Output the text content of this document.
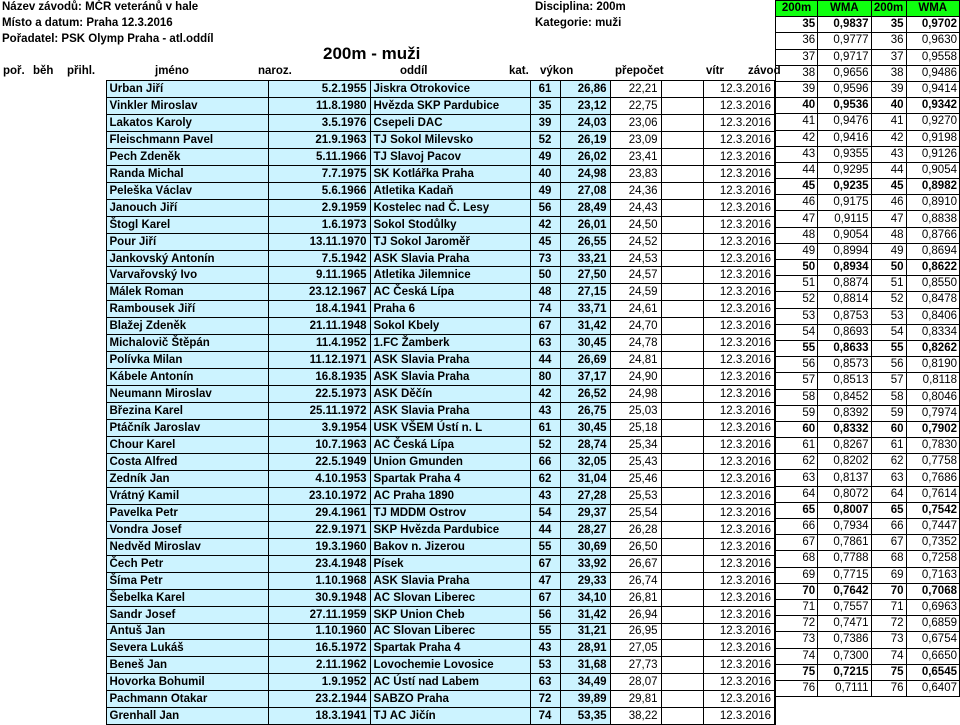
Název závodů: MČR veteránů v hale	Disciplina: 200m
Místo a datum: Praha 12.3.2016	Kategorie: muži
Pořadatel: PSK Olymp Praha - atl.oddíl
200m - muži
poř. běh přihl.	jméno	naroz.	oddíl	kat. výkon	přepočet	vítr závod
	Urban Jiří	5.2.1955	Jiskra Otrokovice	61	26,86	22,21		12.3.2016
	Vinkler Miroslav	11.8.1980	Hvězda SKP Pardubice	35	23,12	22,75		12.3.2016
	Lakatos Karoly	3.5.1976	Csepeli DAC	39	24,03	23,06		12.3.2016
	Fleischmann Pavel	21.9.1963	TJ Sokol Milevsko	52	26,19	23,09		12.3.2016
	Pech Zdeněk	5.11.1966	TJ Slavoj Pacov	49	26,02	23,41		12.3.2016
	Randa Michal	7.7.1975	SK Kotlářka Praha	40	24,98	23,83		12.3.2016
	Peleška Václav	5.6.1966	Atletika Kadaň	49	27,08	24,36		12.3.2016
	Janouch Jiří	2.9.1959	Kostelec nad Č. Lesy	56	28,49	24,43		12.3.2016
	Štogl Karel	1.6.1973	Sokol Stodůlky	42	26,01	24,50		12.3.2016
	Pour Jiří	13.11.1970	TJ Sokol Jaroměř	45	26,55	24,52		12.3.2016
	Jankovský Antonín	7.5.1942	ASK Slavia Praha	73	33,21	24,53		12.3.2016
	Varvařovský Ivo	9.11.1965	Atletika Jilemnice	50	27,50	24,57		12.3.2016
	Málek Roman	23.12.1967	AC Česká Lípa	48	27,15	24,59		12.3.2016
	Rambousek Jiří	18.4.1941	Praha 6	74	33,71	24,61		12.3.2016
	Blažej Zdeněk	21.11.1948	Sokol Kbely	67	31,42	24,70		12.3.2016
	Michalovič Štěpán	11.4.1952	1.FC Žamberk	63	30,45	24,78		12.3.2016
	Polívka Milan	11.12.1971	ASK Slavia Praha	44	26,69	24,81		12.3.2016
	Kábele Antonín	16.8.1935	ASK Slavia Praha	80	37,17	24,90		12.3.2016
	Neumann Miroslav	22.5.1973	ASK Děčín	42	26,52	24,98		12.3.2016
	Březina Karel	25.11.1972	ASK Slavia Praha	43	26,75	25,03		12.3.2016
	Ptáčník Jaroslav	3.9.1954	USK VŠEM Ústí n. L	61	30,45	25,18		12.3.2016
	Chour Karel	10.7.1963	AC Česká Lípa	52	28,74	25,34		12.3.2016
	Costa Alfred	22.5.1949	Union Gmunden	66	32,05	25,43		12.3.2016
	Zedník Jan	4.10.1953	Spartak Praha 4	62	31,04	25,46		12.3.2016
	Vrátný Kamil	23.10.1972	AC Praha 1890	43	27,28	25,53		12.3.2016
	Pavelka Petr	29.4.1961	TJ MDDM Ostrov	54	29,37	25,54		12.3.2016
	Vondra Josef	22.9.1971	SKP Hvězda Pardubice	44	28,27	26,28		12.3.2016
	Nedvěd Miroslav	19.3.1960	Bakov n. Jizerou	55	30,69	26,50		12.3.2016
	Čech Petr	23.4.1948	Písek	67	33,92	26,67		12.3.2016
	Šíma Petr	1.10.1968	ASK Slavia Praha	47	29,33	26,74		12.3.2016
	Šebelka Karel	30.9.1948	AC Slovan Liberec	67	34,10	26,81		12.3.2016
	Sandr Josef	27.11.1959	SKP Union Cheb	56	31,42	26,94		12.3.2016
	Antuš Jan	1.10.1960	AC Slovan Liberec	55	31,21	26,95		12.3.2016
	Severa Lukáš	16.5.1972	Spartak Praha 4	43	28,91	27,05		12.3.2016
	Beneš Jan	2.11.1962	Lovochemie Lovosice	53	31,68	27,73		12.3.2016
	Hovorka Bohumil	1.9.1952	AC Ústí nad Labem	63	34,49	28,07		12.3.2016
	Pachmann Otakar	23.2.1944	SABZO Praha	72	39,89	29,81		12.3.2016
	Grenhall Jan	18.3.1941	TJ AC Jičín	74	53,35	38,22		12.3.2016
200m	WMA	200m	WMA
35	0,9837	35	0,9702
36	0,9777	36	0,9630
37	0,9717	37	0,9558
38	0,9656	38	0,9486
39	0,9596	39	0,9414
40	0,9536	40	0,9342
41	0,9476	41	0,9270
42	0,9416	42	0,9198
43	0,9355	43	0,9126
44	0,9295	44	0,9054
45	0,9235	45	0,8982
46	0,9175	46	0,8910
47	0,9115	47	0,8838
48	0,9054	48	0,8766
49	0,8994	49	0,8694
50	0,8934	50	0,8622
51	0,8874	51	0,8550
52	0,8814	52	0,8478
53	0,8753	53	0,8406
54	0,8693	54	0,8334
55	0,8633	55	0,8262
56	0,8573	56	0,8190
57	0,8513	57	0,8118
58	0,8452	58	0,8046
59	0,8392	59	0,7974
60	0,8332	60	0,7902
61	0,8267	61	0,7830
62	0,8202	62	0,7758
63	0,8137	63	0,7686
64	0,8072	64	0,7614
65	0,8007	65	0,7542
66	0,7934	66	0,7447
67	0,7861	67	0,7352
68	0,7788	68	0,7258
69	0,7715	69	0,7163
70	0,7642	70	0,7068
71	0,7557	71	0,6963
72	0,7471	72	0,6859
73	0,7386	73	0,6754
74	0,7300	74	0,6650
75	0,7215	75	0,6545
76	0,7111	76	0,6407
